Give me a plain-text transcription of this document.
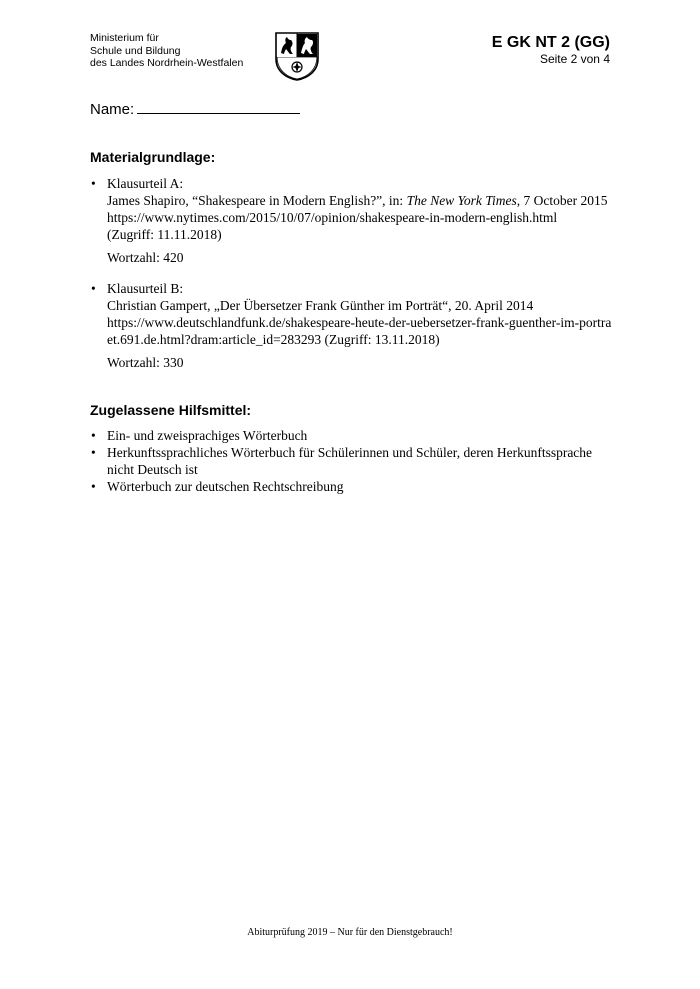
Ministerium für
Schule und Bildung
des Landes Nordrhein-Westfalen
E GK NT 2 (GG)
Seite 2 von 4
Name:
Materialgrundlage:
• Klausurteil A:
James Shapiro, “Shakespeare in Modern English?”, in: The New York Times, 7 October 2015
https://www.nytimes.com/2015/10/07/opinion/shakespeare-in-modern-english.html
(Zugriff: 11.11.2018)
Wortzahl: 420
• Klausurteil B:
Christian Gampert, „Der Übersetzer Frank Günther im Porträt“, 20. April 2014
https://www.deutschlandfunk.de/shakespeare-heute-der-uebersetzer-frank-guenther-im-portraet.691.de.html?dram:article_id=283293 (Zugriff: 13.11.2018)
Wortzahl: 330
Zugelassene Hilfsmittel:
• Ein- und zweisprachiges Wörterbuch
• Herkunftssprachliches Wörterbuch für Schülerinnen und Schüler, deren Herkunftssprache nicht Deutsch ist
• Wörterbuch zur deutschen Rechtschreibung
Abiturprüfung 2019 – Nur für den Dienstgebrauch!
